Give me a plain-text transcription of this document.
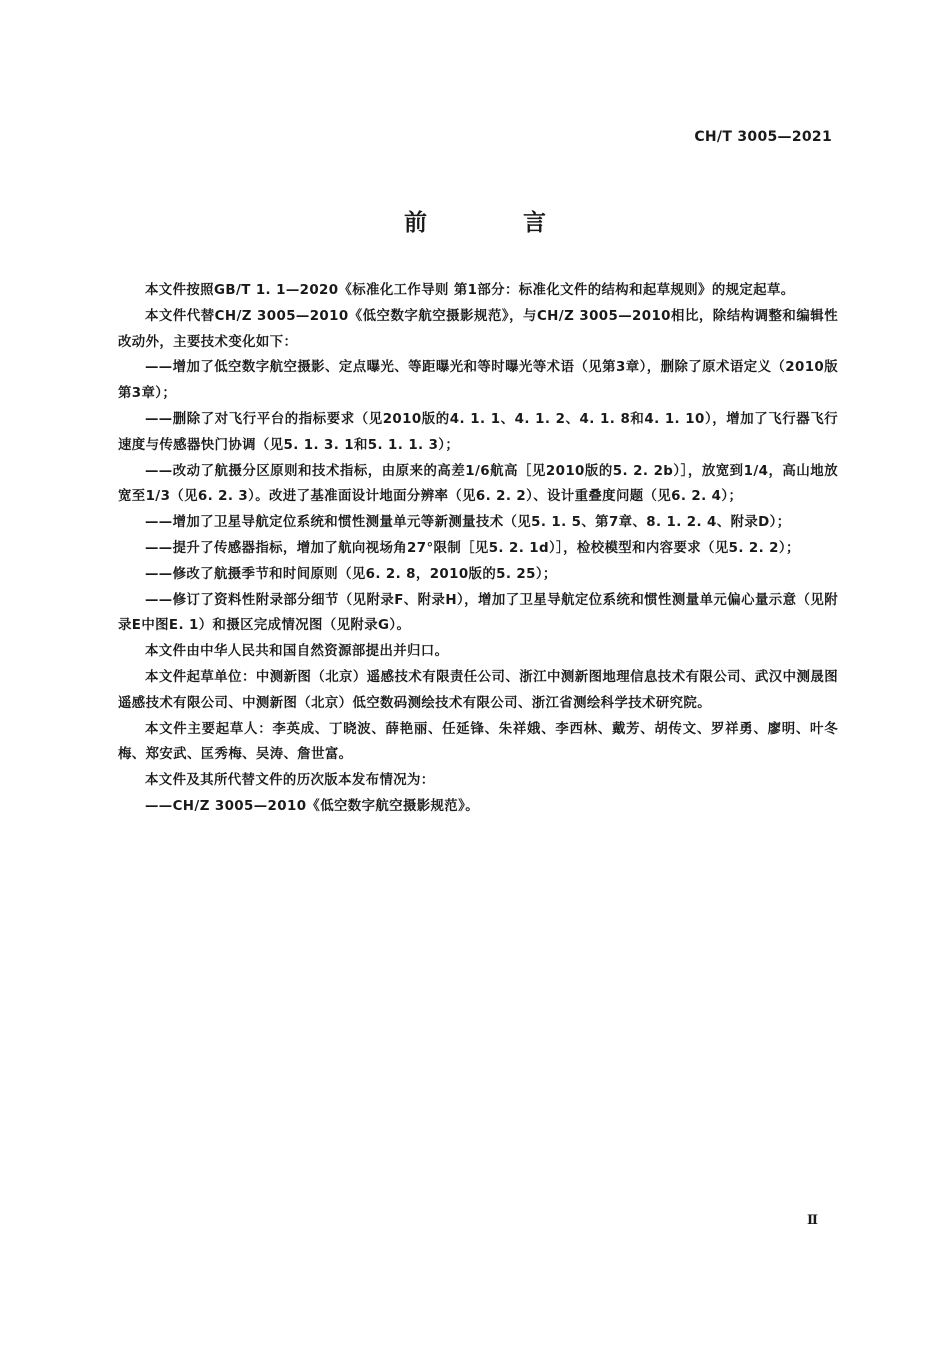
CH/T 3005—2021
前 言

本文件按照GB/T 1. 1—2020《标准化工作导则 第1部分：标准化文件的结构和起草规则》的规定起草。

本文件代替CH/Z 3005—2010《低空数字航空摄影规范》，与CH/Z 3005—2010相比，除结构调整和编辑性改动外，主要技术变化如下：

——增加了低空数字航空摄影、定点曝光、等距曝光和等时曝光等术语（见第3章），删除了原术语定义（2010版第3章）；

——删除了对飞行平台的指标要求（见2010版的4. 1. 1、4. 1. 2、4. 1. 8和4. 1. 10），增加了飞行器飞行速度与传感器快门协调（见5. 1. 3. 1和5. 1. 1. 3）；

——改动了航摄分区原则和技术指标，由原来的高差1/6航高［见2010版的5. 2. 2b）］，放宽到1/4，高山地放宽至1/3（见6. 2. 3）。改进了基准面设计地面分辨率（见6. 2. 2）、设计重叠度问题（见6. 2. 4）；

——增加了卫星导航定位系统和惯性测量单元等新测量技术（见5. 1. 5、第7章、8. 1. 2. 4、附录D）；

——提升了传感器指标，增加了航向视场角27°限制［见5. 2. 1d）］，检校模型和内容要求（见5. 2. 2）；

——修改了航摄季节和时间原则（见6. 2. 8，2010版的5. 25）；

——修订了资料性附录部分细节（见附录F、附录H），增加了卫星导航定位系统和惯性测量单元偏心量示意（见附录E中图E. 1）和摄区完成情况图（见附录G）。

本文件由中华人民共和国自然资源部提出并归口。

本文件起草单位：中测新图（北京）遥感技术有限责任公司、浙江中测新图地理信息技术有限公司、武汉中测晟图遥感技术有限公司、中测新图（北京）低空数码测绘技术有限公司、浙江省测绘科学技术研究院。

本文件主要起草人：李英成、丁晓波、薛艳丽、任延锋、朱祥娥、李西林、戴芳、胡传文、罗祥勇、廖明、叶冬梅、郑安武、匡秀梅、吴涛、詹世富。

本文件及其所代替文件的历次版本发布情况为：

——CH/Z 3005—2010《低空数字航空摄影规范》。

Ⅱ
